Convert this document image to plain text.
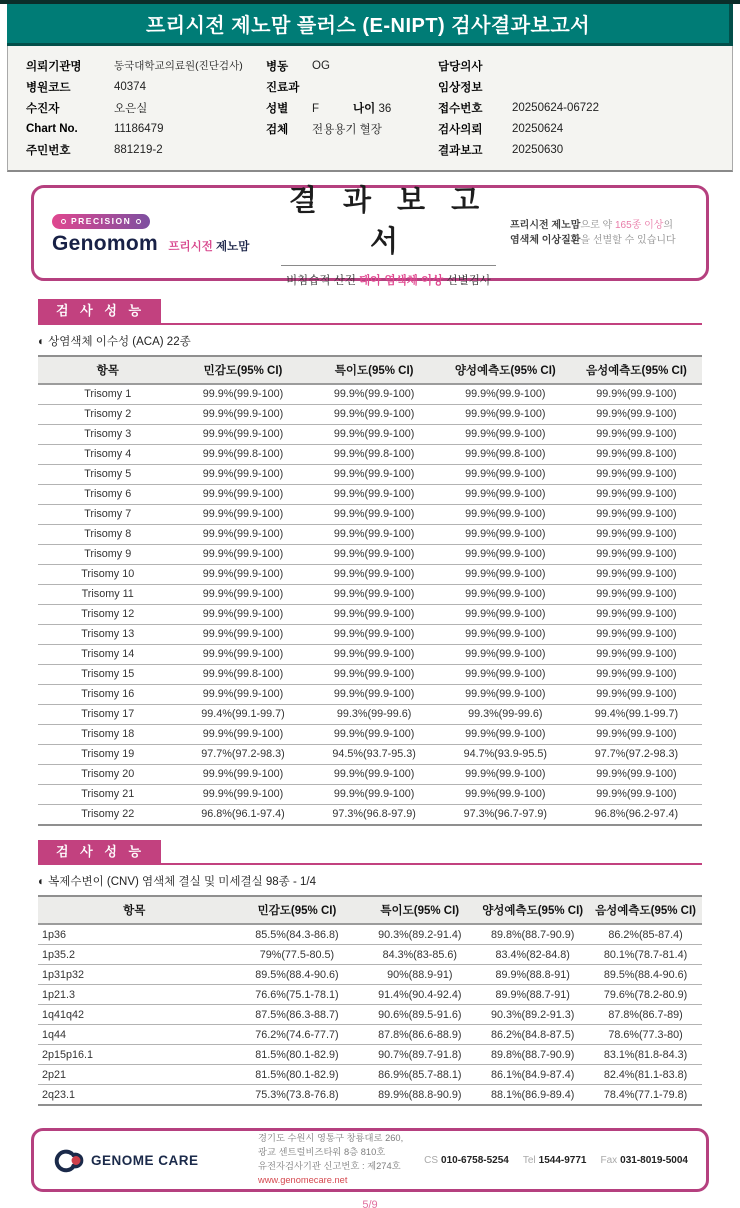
프리시전 제노맘 플러스 (E-NIPT) 검사결과보고서
의뢰기관명	동국대학교의료원(진단검사)	병동	OG	담당의사
병원코드	40374	진료과	임상정보
수진자	오은실	성별	F	나이 36	접수번호	20250624-06722
Chart No.	11186479	검체	전용용기 혈장	검사의뢰	20250624
주민번호	881219-2	결과보고	20250630
PRECISION
Genomom 프리시전 제노맘
결 과 보 고 서
비침습적 산전 태아 염색체 이상 선별검사
프리시전 제노맘으로 약 165종 이상의
염색체 이상질환을 선별할 수 있습니다
검 사 성 능
◐ 상염색체 이수성 (ACA) 22종
항목	민감도(95% CI)	특이도(95% CI)	양성예측도(95% CI)	음성예측도(95% CI)
Trisomy 1	99.9%(99.9-100)	99.9%(99.9-100)	99.9%(99.9-100)	99.9%(99.9-100)
Trisomy 2	99.9%(99.9-100)	99.9%(99.9-100)	99.9%(99.9-100)	99.9%(99.9-100)
Trisomy 3	99.9%(99.9-100)	99.9%(99.9-100)	99.9%(99.9-100)	99.9%(99.9-100)
Trisomy 4	99.9%(99.8-100)	99.9%(99.8-100)	99.9%(99.8-100)	99.9%(99.8-100)
Trisomy 5	99.9%(99.9-100)	99.9%(99.9-100)	99.9%(99.9-100)	99.9%(99.9-100)
Trisomy 6	99.9%(99.9-100)	99.9%(99.9-100)	99.9%(99.9-100)	99.9%(99.9-100)
Trisomy 7	99.9%(99.9-100)	99.9%(99.9-100)	99.9%(99.9-100)	99.9%(99.9-100)
Trisomy 8	99.9%(99.9-100)	99.9%(99.9-100)	99.9%(99.9-100)	99.9%(99.9-100)
Trisomy 9	99.9%(99.9-100)	99.9%(99.9-100)	99.9%(99.9-100)	99.9%(99.9-100)
Trisomy 10	99.9%(99.9-100)	99.9%(99.9-100)	99.9%(99.9-100)	99.9%(99.9-100)
Trisomy 11	99.9%(99.9-100)	99.9%(99.9-100)	99.9%(99.9-100)	99.9%(99.9-100)
Trisomy 12	99.9%(99.9-100)	99.9%(99.9-100)	99.9%(99.9-100)	99.9%(99.9-100)
Trisomy 13	99.9%(99.9-100)	99.9%(99.9-100)	99.9%(99.9-100)	99.9%(99.9-100)
Trisomy 14	99.9%(99.9-100)	99.9%(99.9-100)	99.9%(99.9-100)	99.9%(99.9-100)
Trisomy 15	99.9%(99.8-100)	99.9%(99.9-100)	99.9%(99.9-100)	99.9%(99.9-100)
Trisomy 16	99.9%(99.9-100)	99.9%(99.9-100)	99.9%(99.9-100)	99.9%(99.9-100)
Trisomy 17	99.4%(99.1-99.7)	99.3%(99-99.6)	99.3%(99-99.6)	99.4%(99.1-99.7)
Trisomy 18	99.9%(99.9-100)	99.9%(99.9-100)	99.9%(99.9-100)	99.9%(99.9-100)
Trisomy 19	97.7%(97.2-98.3)	94.5%(93.7-95.3)	94.7%(93.9-95.5)	97.7%(97.2-98.3)
Trisomy 20	99.9%(99.9-100)	99.9%(99.9-100)	99.9%(99.9-100)	99.9%(99.9-100)
Trisomy 21	99.9%(99.9-100)	99.9%(99.9-100)	99.9%(99.9-100)	99.9%(99.9-100)
Trisomy 22	96.8%(96.1-97.4)	97.3%(96.8-97.9)	97.3%(96.7-97.9)	96.8%(96.2-97.4)
검 사 성 능
◐ 복제수변이 (CNV) 염색체 결실 및 미세결실 98종 - 1/4
항목	민감도(95% CI)	특이도(95% CI)	양성예측도(95% CI)	음성예측도(95% CI)
1p36	85.5%(84.3-86.8)	90.3%(89.2-91.4)	89.8%(88.7-90.9)	86.2%(85-87.4)
1p35.2	79%(77.5-80.5)	84.3%(83-85.6)	83.4%(82-84.8)	80.1%(78.7-81.4)
1p31p32	89.5%(88.4-90.6)	90%(88.9-91)	89.9%(88.8-91)	89.5%(88.4-90.6)
1p21.3	76.6%(75.1-78.1)	91.4%(90.4-92.4)	89.9%(88.7-91)	79.6%(78.2-80.9)
1q41q42	87.5%(86.3-88.7)	90.6%(89.5-91.6)	90.3%(89.2-91.3)	87.8%(86.7-89)
1q44	76.2%(74.6-77.7)	87.8%(86.6-88.9)	86.2%(84.8-87.5)	78.6%(77.3-80)
2p15p16.1	81.5%(80.1-82.9)	90.7%(89.7-91.8)	89.8%(88.7-90.9)	83.1%(81.8-84.3)
2p21	81.5%(80.1-82.9)	86.9%(85.7-88.1)	86.1%(84.9-87.4)	82.4%(81.1-83.8)
2q23.1	75.3%(73.8-76.8)	89.9%(88.8-90.9)	88.1%(86.9-89.4)	78.4%(77.1-79.8)
GENOME CARE
경기도 수원시 영통구 창룡대로 260, 광교 센트럴비즈타워 8층 810호
유전자검사기관 신고번호 : 제274호
www.genomecare.net
CS 010-6758-5254 Tel 1544-9771 Fax 031-8019-5004
5/9
